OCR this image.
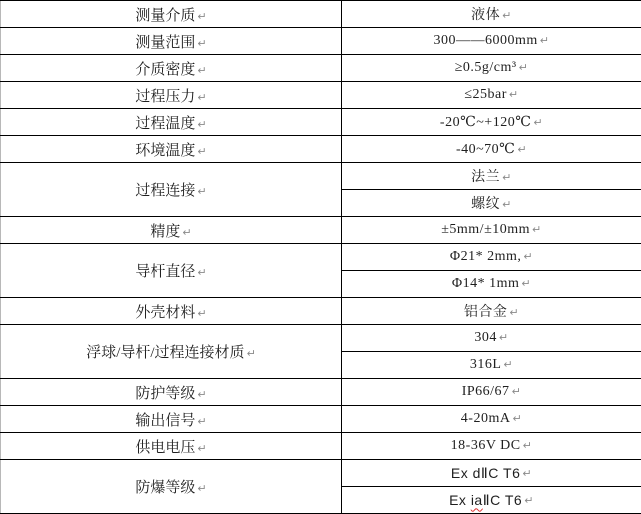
测量介质 ↵	液体 ↵
测量范围 ↵	300——6000mm ↵
介质密度 ↵	≥0.5g/cm³ ↵
过程压力 ↵	≤25bar ↵
过程温度 ↵	-20℃~+120℃ ↵
环境温度 ↵	-40~70℃ ↵
过程连接 ↵	法兰 ↵
	螺纹 ↵
精度 ↵	±5mm/±10mm ↵
导杆直径 ↵	Φ21* 2mm, ↵
	Φ14* 1mm ↵
外壳材料 ↵	铝合金 ↵
浮球/导杆/过程连接材质 ↵	304 ↵
	316L ↵
防护等级 ↵	IP66/67 ↵
输出信号 ↵	4-20mA ↵
供电电压 ↵	18-36V DC ↵
防爆等级 ↵	Ex dⅡC T6 ↵
	Ex iaⅡC T6 ↵
